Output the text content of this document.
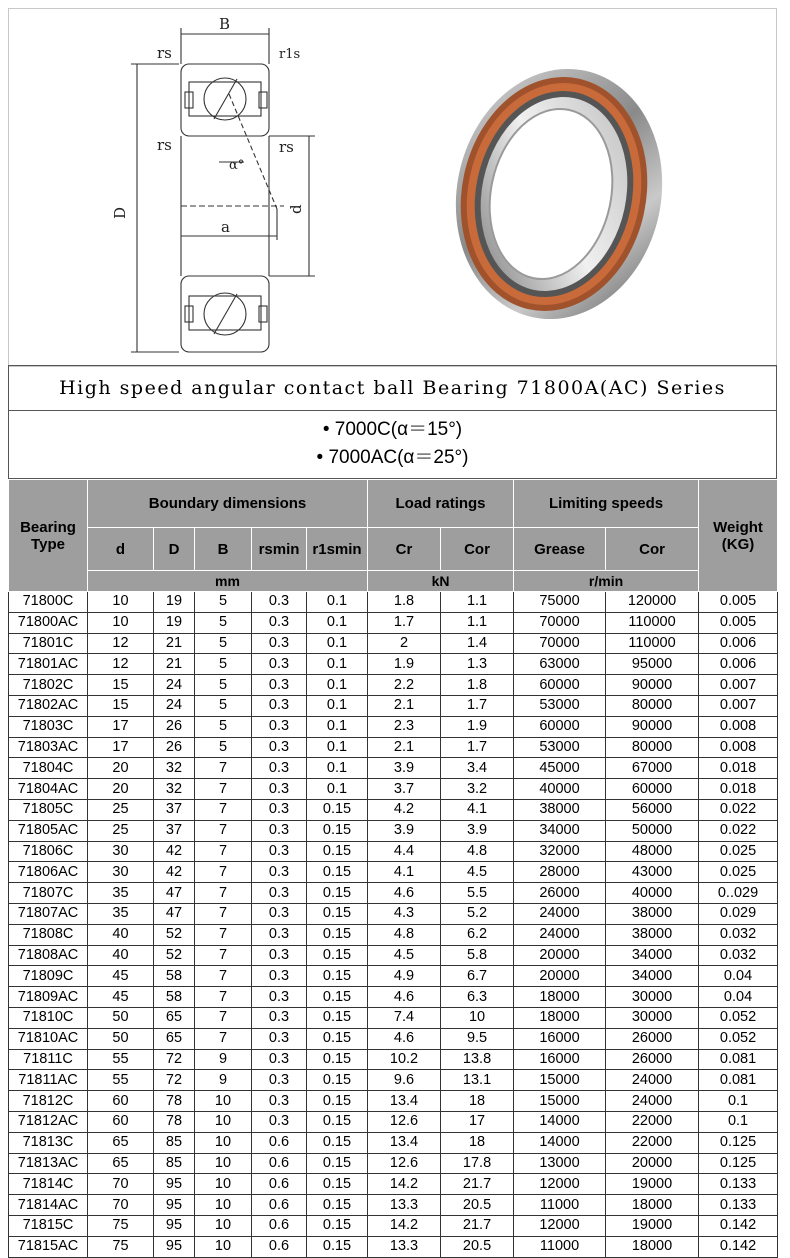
B
rs	r1s
rs	rs
α°
D	d
a
High speed angular contact ball Bearing 71800A(AC) Series
• 7000C(α＝15°)
• 7000AC(α＝25°)
Bearing Type	Boundary dimensions					Load ratings		Limiting speeds		Weight (KG)
	d	D	B	rsmin	r1smin	Cr	Cor	Grease	Cor	
	mm					kN		r/min		
71800C	10	19	5	0.3	0.1	1.8	1.1	75000	120000	0.005
71800AC	10	19	5	0.3	0.1	1.7	1.1	70000	110000	0.005
71801C	12	21	5	0.3	0.1	2	1.4	70000	110000	0.006
71801AC	12	21	5	0.3	0.1	1.9	1.3	63000	95000	0.006
71802C	15	24	5	0.3	0.1	2.2	1.8	60000	90000	0.007
71802AC	15	24	5	0.3	0.1	2.1	1.7	53000	80000	0.007
71803C	17	26	5	0.3	0.1	2.3	1.9	60000	90000	0.008
71803AC	17	26	5	0.3	0.1	2.1	1.7	53000	80000	0.008
71804C	20	32	7	0.3	0.1	3.9	3.4	45000	67000	0.018
71804AC	20	32	7	0.3	0.1	3.7	3.2	40000	60000	0.018
71805C	25	37	7	0.3	0.15	4.2	4.1	38000	56000	0.022
71805AC	25	37	7	0.3	0.15	3.9	3.9	34000	50000	0.022
71806C	30	42	7	0.3	0.15	4.4	4.8	32000	48000	0.025
71806AC	30	42	7	0.3	0.15	4.1	4.5	28000	43000	0.025
71807C	35	47	7	0.3	0.15	4.6	5.5	26000	40000	0..029
71807AC	35	47	7	0.3	0.15	4.3	5.2	24000	38000	0.029
71808C	40	52	7	0.3	0.15	4.8	6.2	24000	38000	0.032
71808AC	40	52	7	0.3	0.15	4.5	5.8	20000	34000	0.032
71809C	45	58	7	0.3	0.15	4.9	6.7	20000	34000	0.04
71809AC	45	58	7	0.3	0.15	4.6	6.3	18000	30000	0.04
71810C	50	65	7	0.3	0.15	7.4	10	18000	30000	0.052
71810AC	50	65	7	0.3	0.15	4.6	9.5	16000	26000	0.052
71811C	55	72	9	0.3	0.15	10.2	13.8	16000	26000	0.081
71811AC	55	72	9	0.3	0.15	9.6	13.1	15000	24000	0.081
71812C	60	78	10	0.3	0.15	13.4	18	15000	24000	0.1
71812AC	60	78	10	0.3	0.15	12.6	17	14000	22000	0.1
71813C	65	85	10	0.6	0.15	13.4	18	14000	22000	0.125
71813AC	65	85	10	0.6	0.15	12.6	17.8	13000	20000	0.125
71814C	70	95	10	0.6	0.15	14.2	21.7	12000	19000	0.133
71814AC	70	95	10	0.6	0.15	13.3	20.5	11000	18000	0.133
71815C	75	95	10	0.6	0.15	14.2	21.7	12000	19000	0.142
71815AC	75	95	10	0.6	0.15	13.3	20.5	11000	18000	0.142
